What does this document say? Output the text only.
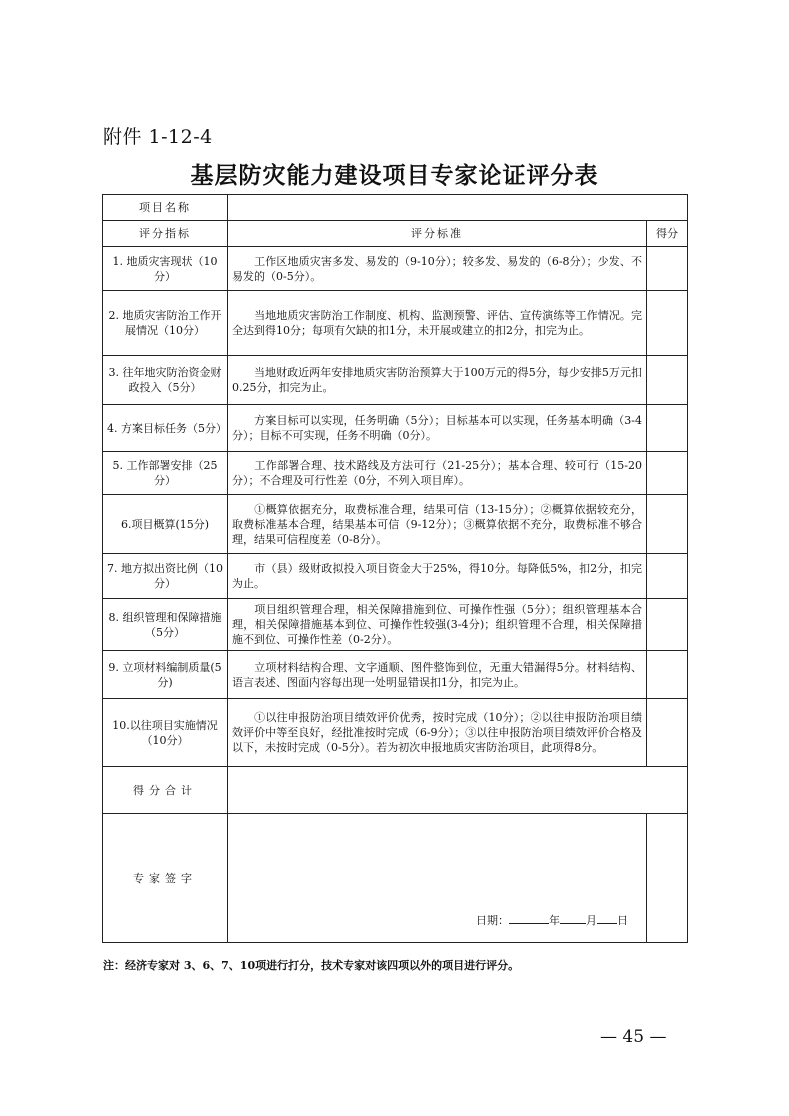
附件 1-12-4
基层防灾能力建设项目专家论证评分表
项目名称		
评分指标	评分标准	得分
1. 地质灾害现状（10分）	工作区地质灾害多发、易发的（9-10分）；较多发、易发的（6-8分）；少发、不易发的（0-5分）。	
2. 地质灾害防治工作开展情况（10分）	当地地质灾害防治工作制度、机构、监测预警、评估、宣传演练等工作情况。完全达到得10分；每项有欠缺的扣1分，未开展或建立的扣2分，扣完为止。	
3. 往年地灾防治资金财政投入（5分）	当地财政近两年安排地质灾害防治预算大于100万元的得5分，每少安排5万元扣0.25分，扣完为止。	
4. 方案目标任务（5分）	方案目标可以实现，任务明确（5分）；目标基本可以实现，任务基本明确（3-4分）；目标不可实现，任务不明确（0分）。	
5. 工作部署安排（25分）	工作部署合理、技术路线及方法可行（21-25分）；基本合理、较可行（15-20分）；不合理及可行性差（0分，不列入项目库）。	
6.项目概算(15分)	①概算依据充分，取费标准合理，结果可信（13-15分）；②概算依据较充分，取费标准基本合理，结果基本可信（9-12分）；③概算依据不充分，取费标准不够合理，结果可信程度差（0-8分）。	
7. 地方拟出资比例（10分）	市（县）级财政拟投入项目资金大于25%，得10分。每降低5%，扣2分，扣完为止。	
8. 组织管理和保障措施（5分）	项目组织管理合理，相关保障措施到位、可操作性强（5分）；组织管理基本合理，相关保障措施基本到位、可操作性较强(3-4分)；组织管理不合理，相关保障措施不到位、可操作性差（0-2分）。	
9. 立项材料编制质量(5分)	立项材料结构合理、文字通顺、图件整饰到位，无重大错漏得5分。材料结构、语言表述、图面内容每出现一处明显错误扣1分，扣完为止。	
10.以往项目实施情况（10分）	①以往申报防治项目绩效评价优秀，按时完成（10分）；②以往申报防治项目绩效评价中等至良好，经批准按时完成（6-9分）；③以往申报防治项目绩效评价合格及以下，未按时完成（0-5分）。若为初次申报地质灾害防治项目，此项得8分。	
得分合计		
专家签字	日期： 年 月 日	

注：经济专家对 3、6、7、10项进行打分，技术专家对该四项以外的项目进行评分。
— 45 —
